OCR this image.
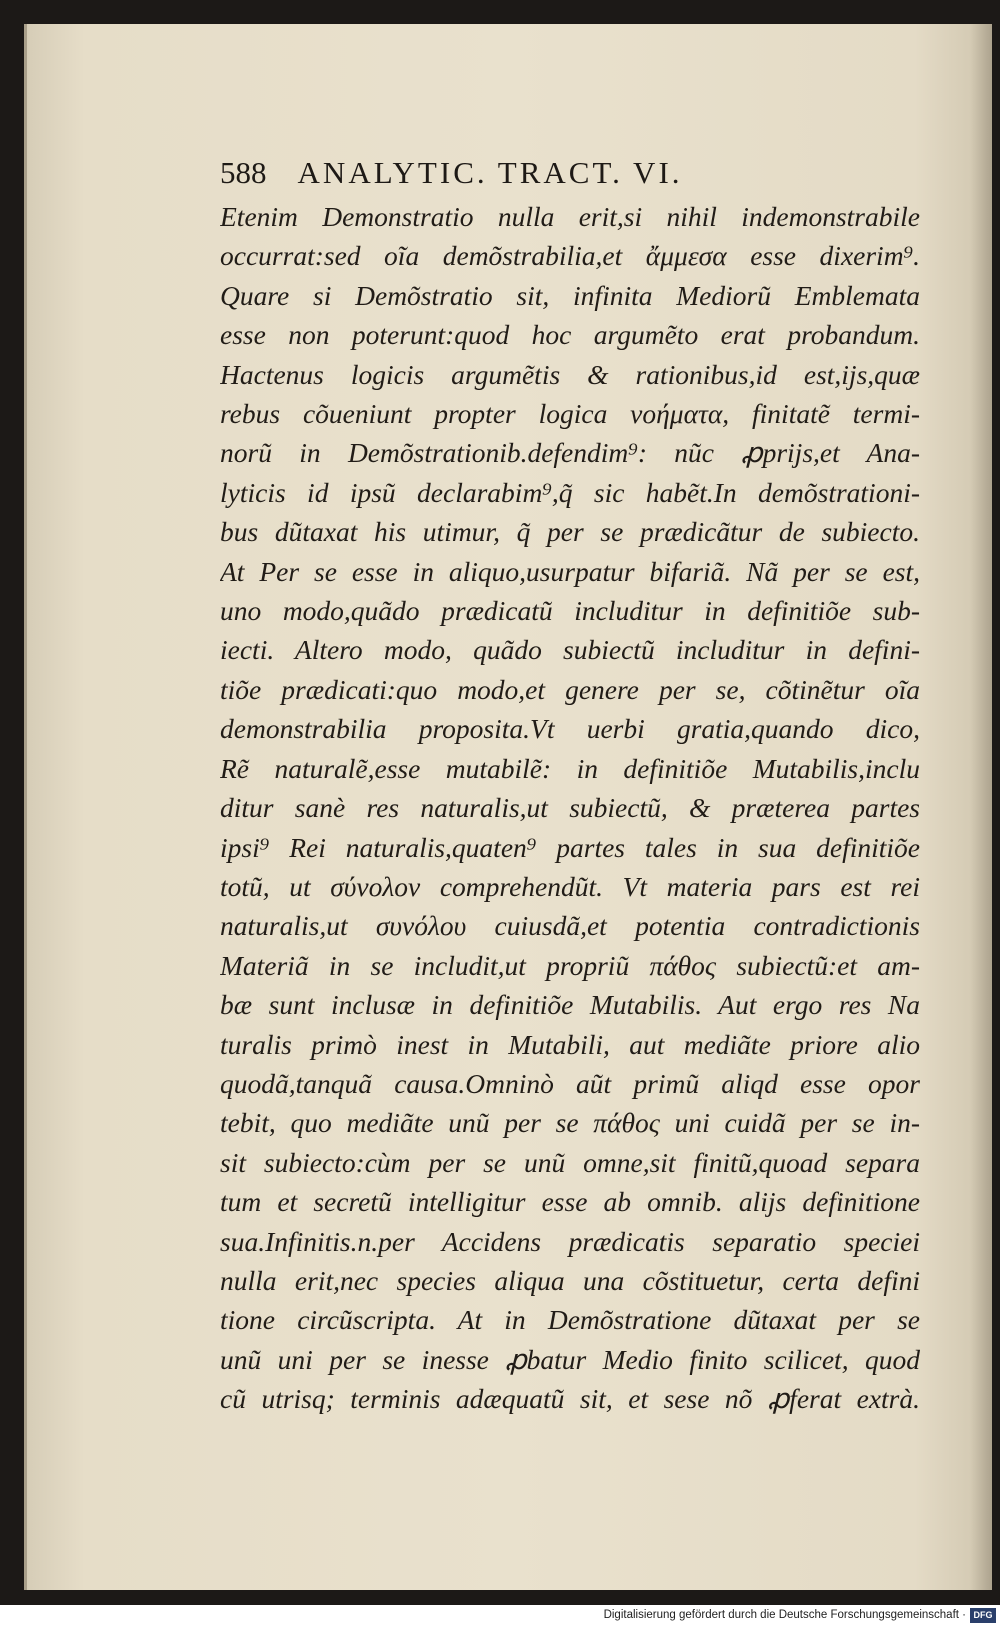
588 ANALYTIC. TRACT. VI.
Etenim Demonstratio nulla erit,si nihil indemonstrabile
occurrat:sed oĩa demõstrabilia,et ἄμμεσα esse dixerim⁹.
Quare si Demõstratio sit, infinita Mediorũ Emblemata
esse non poterunt:quod hoc argumẽto erat probandum.
Hactenus logicis argumẽtis & rationibus,id est,ijs,quæ
rebus cõueniunt propter logica νοήματα, finitatẽ termi-
norũ in Demõstrationib.defendim⁹: nũc ꝓprijs,et Ana-
lyticis id ipsũ declarabim⁹,q̃ sic habẽt.In demõstrationi-
bus dũtaxat his utimur, q̃ per se prædicãtur de subiecto.
At Per se esse in aliquo,usurpatur bifariã. Nã per se est,
uno modo,quãdo prædicatũ includitur in definitiõe sub-
iecti. Altero modo, quãdo subiectũ includitur in defini-
tiõe prædicati:quo modo,et genere per se, cõtinẽtur oĩa
demonstrabilia proposita.Vt uerbi gratia,quando dico,
Rẽ naturalẽ,esse mutabilẽ: in definitiõe Mutabilis,inclu
ditur sanè res naturalis,ut subiectũ, & præterea partes
ipsi⁹ Rei naturalis,quaten⁹ partes tales in sua definitiõe
totũ, ut σύνολον comprehendũt. Vt materia pars est rei
naturalis,ut συνόλου cuiusdã,et potentia contradictionis
Materiã in se includit,ut propriũ πάθος subiectũ:et am-
bæ sunt inclusæ in definitiõe Mutabilis. Aut ergo res Na
turalis primò inest in Mutabili, aut mediãte priore alio
quodã,tanquã causa.Omninò aũt primũ aliqd esse opor
tebit, quo mediãte unũ per se πάθος uni cuidã per se in-
sit subiecto:cùm per se unũ omne,sit finitũ,quoad separa
tum et secretũ intelligitur esse ab omnib. alijs definitione
sua.Infinitis.n.per Accidens prædicatis separatio speciei
nulla erit,nec species aliqua una cõstituetur, certa defini
tione circũscripta. At in Demõstratione dũtaxat per se
unũ uni per se inesse ꝓbatur Medio finito scilicet, quod
cũ utrisq; terminis adæquatũ sit, et sese nõ ꝓferat extrà.
Digitalisierung gefördert durch die Deutsche Forschungsgemeinschaft · DFG
